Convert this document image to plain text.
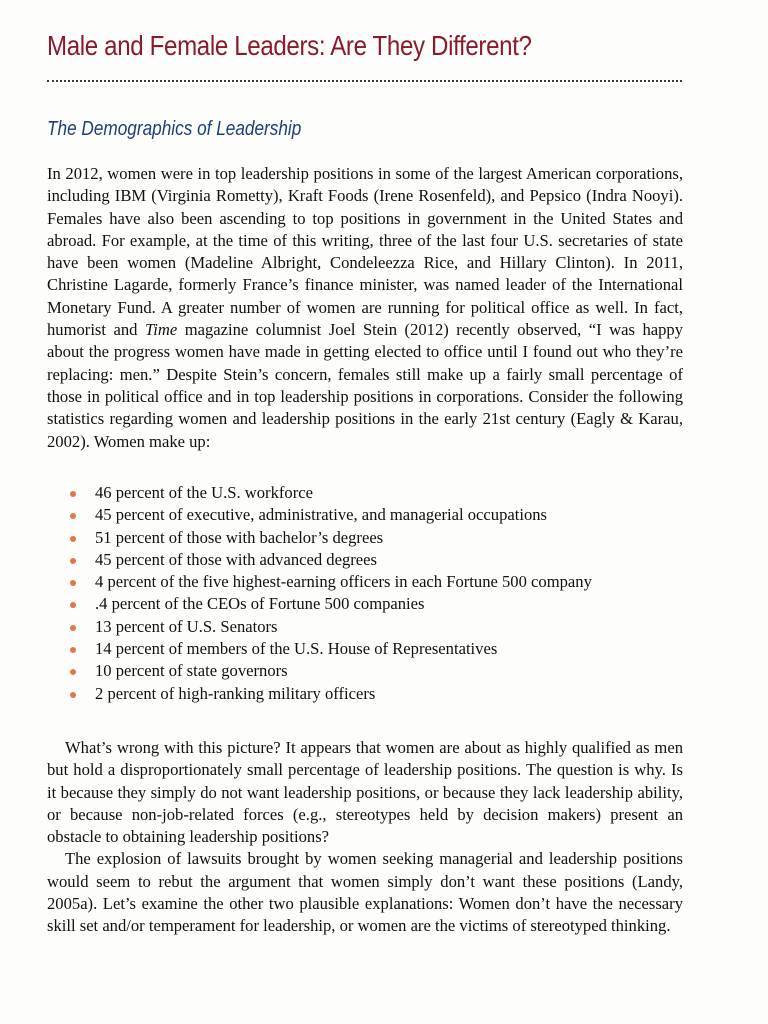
Male and Female Leaders: Are They Different?
The Demographics of Leadership

In 2012, women were in top leadership positions in some of the largest American corporations, including IBM (Virginia Rometty), Kraft Foods (Irene Rosenfeld), and Pepsico (Indra Nooyi). Females have also been ascending to top positions in government in the United States and abroad. For example, at the time of this writing, three of the last four U.S. secretaries of state have been women (Madeline Albright, Condeleezza Rice, and Hillary Clinton). In 2011, Christine Lagarde, formerly France’s finance minister, was named leader of the International Monetary Fund. A greater number of women are running for political office as well. In fact, humorist and Time magazine columnist Joel Stein (2012) recently observed, “I was happy about the progress women have made in getting elected to office until I found out who they’re replacing: men.” Despite Stein’s concern, females still make up a fairly small percentage of those in political office and in top leadership positions in corporations. Consider the following statistics regarding women and leadership positions in the early 21st century (Eagly & Karau, 2002). Women make up:

46 percent of the U.S. workforce
45 percent of executive, administrative, and managerial occupations
51 percent of those with bachelor’s degrees
45 percent of those with advanced degrees
4 percent of the five highest-earning officers in each Fortune 500 company
.4 percent of the CEOs of Fortune 500 companies
13 percent of U.S. Senators
14 percent of members of the U.S. House of Representatives
10 percent of state governors
2 percent of high-ranking military officers

What’s wrong with this picture? It appears that women are about as highly qualified as men but hold a disproportionately small percentage of leadership positions. The question is why. Is it because they simply do not want leadership positions, or because they lack leadership ability, or because non-job-related forces (e.g., stereotypes held by decision makers) present an obstacle to obtaining leadership positions?

The explosion of lawsuits brought by women seeking managerial and leadership positions would seem to rebut the argument that women simply don’t want these positions (Landy, 2005a). Let’s examine the other two plausible explanations: Women don’t have the necessary skill set and/or temperament for leadership, or women are the victims of stereotyped thinking.
